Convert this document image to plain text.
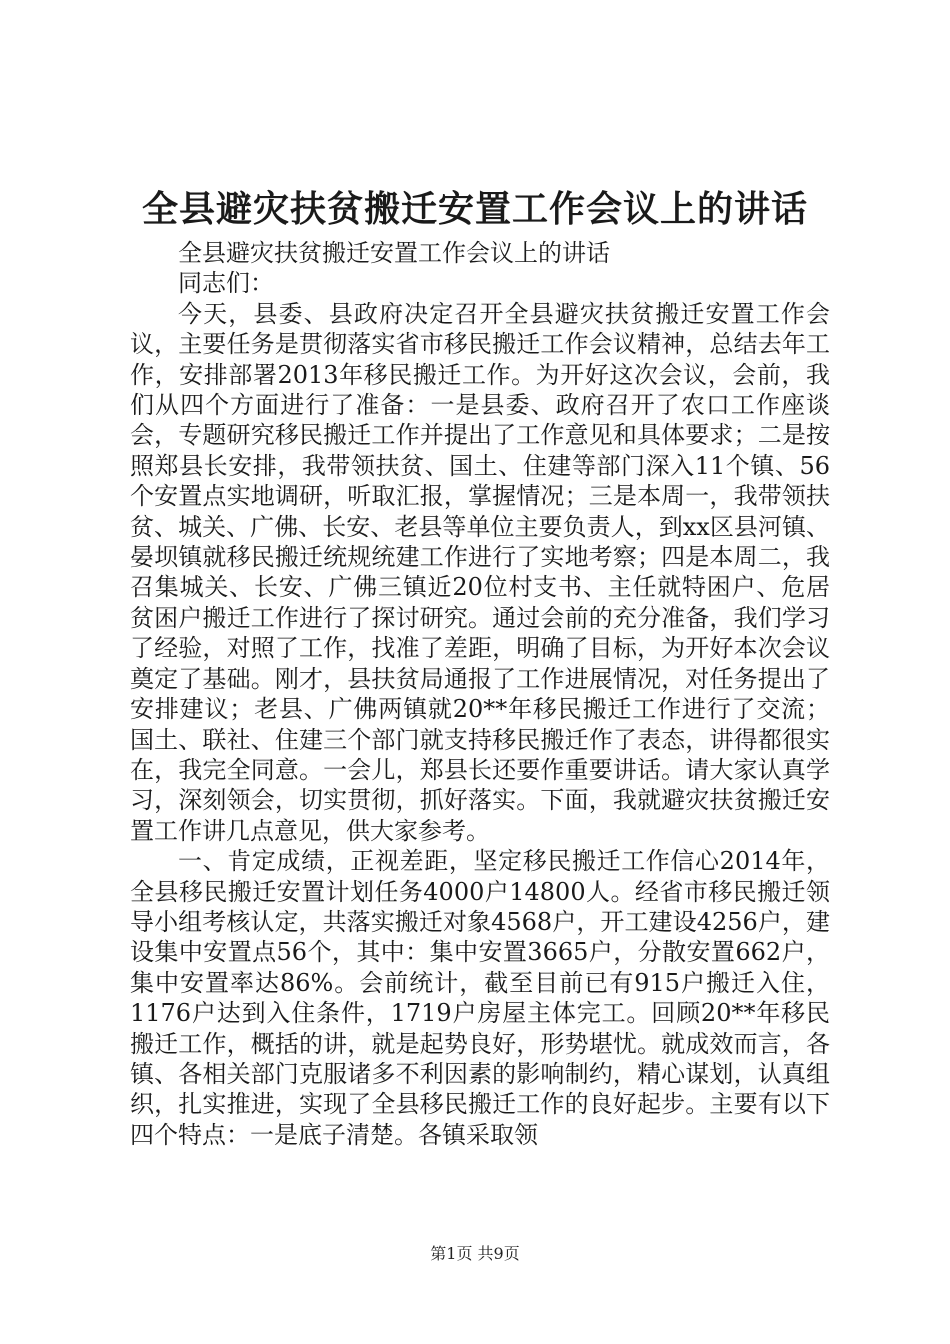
全县避灾扶贫搬迁安置工作会议上的讲话

全县避灾扶贫搬迁安置工作会议上的讲话

同志们：

今天，县委、县政府决定召开全县避灾扶贫搬迁安置工作会议，主要任务是贯彻落实省市移民搬迁工作会议精神，总结去年工作，安排部署2013年移民搬迁工作。为开好这次会议，会前，我们从四个方面进行了准备：一是县委、政府召开了农口工作座谈会，专题研究移民搬迁工作并提出了工作意见和具体要求；二是按照郑县长安排，我带领扶贫、国土、住建等部门深入11个镇、56个安置点实地调研，听取汇报，掌握情况；三是本周一，我带领扶贫、城关、广佛、长安、老县等单位主要负责人，到xx区县河镇、晏坝镇就移民搬迁统规统建工作进行了实地考察；四是本周二，我召集城关、长安、广佛三镇近20位村支书、主任就特困户、危居贫困户搬迁工作进行了探讨研究。通过会前的充分准备，我们学习了经验，对照了工作，找准了差距，明确了目标，为开好本次会议奠定了基础。刚才，县扶贫局通报了工作进展情况，对任务提出了安排建议；老县、广佛两镇就20**年移民搬迁工作进行了交流；国土、联社、住建三个部门就支持移民搬迁作了表态，讲得都很实在，我完全同意。一会儿，郑县长还要作重要讲话。请大家认真学习，深刻领会，切实贯彻，抓好落实。下面，我就避灾扶贫搬迁安置工作讲几点意见，供大家参考。

一、肯定成绩，正视差距，坚定移民搬迁工作信心2014年，全县移民搬迁安置计划任务4000户14800人。经省市移民搬迁领导小组考核认定，共落实搬迁对象4568户，开工建设4256户，建设集中安置点56个，其中：集中安置3665户，分散安置662户，集中安置率达86%。会前统计，截至目前已有915户搬迁入住，1176户达到入住条件，1719户房屋主体完工。回顾20**年移民搬迁工作，概括的讲，就是起势良好，形势堪忧。就成效而言，各镇、各相关部门克服诸多不利因素的影响制约，精心谋划，认真组织，扎实推进，实现了全县移民搬迁工作的良好起步。主要有以下四个特点：一是底子清楚。各镇采取领

第1页 共9页
